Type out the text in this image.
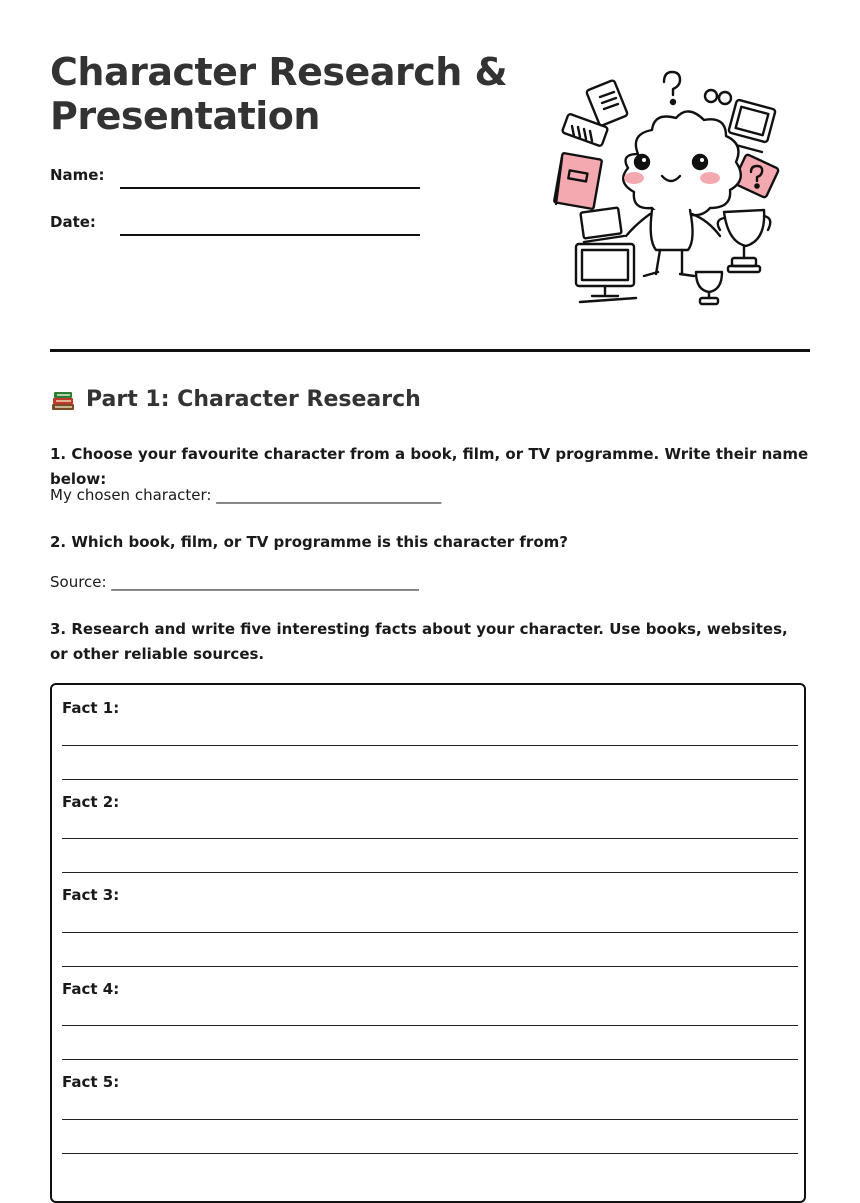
Character Research & Presentation
Name:
Date:
Part 1: Character Research

1. Choose your favourite character from a book, film, or TV programme. Write their name below:

My chosen character: ______________________________

2. Which book, film, or TV programme is this character from?

Source: _________________________________________

3. Research and write five interesting facts about your character. Use books, websites, or other reliable sources.

Fact 1:
Fact 2:
Fact 3:
Fact 4:
Fact 5:
